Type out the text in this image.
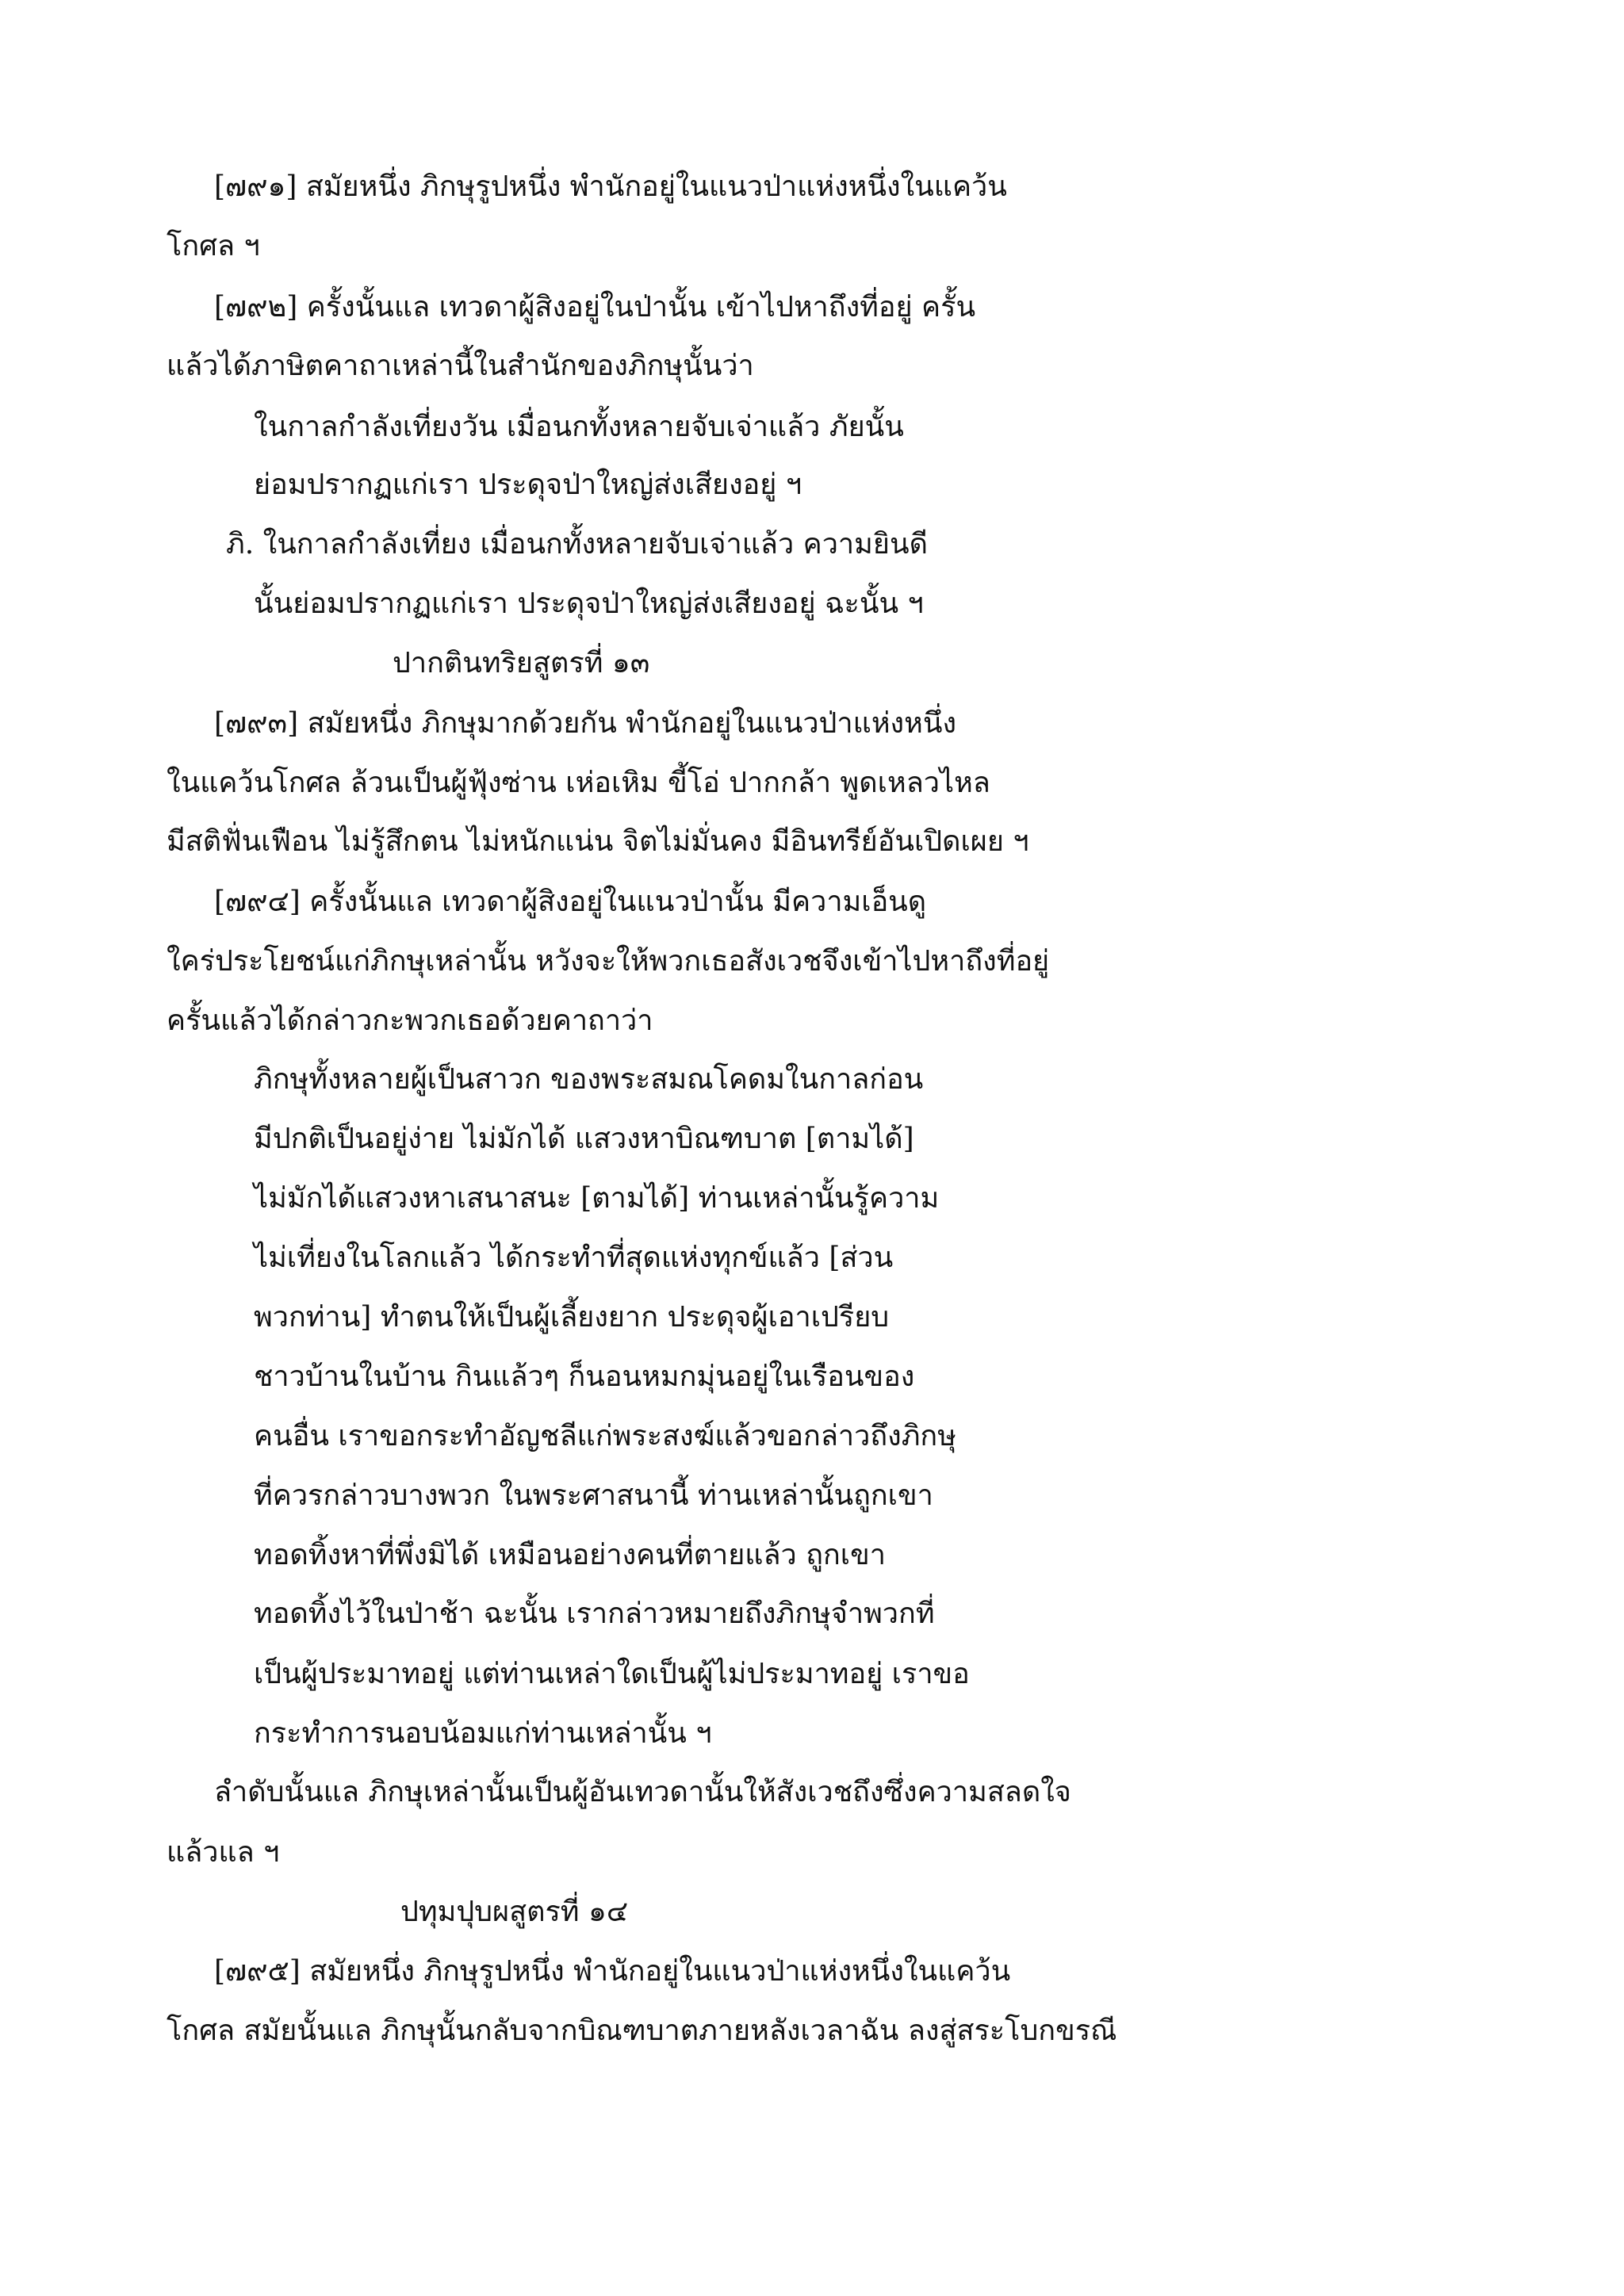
[๗๙๑] สมัยหนึ่ง ภิกษุรูปหนึ่ง พำนักอยู่ในแนวป่าแห่งหนึ่งในแคว้น
โกศล ฯ
[๗๙๒] ครั้งนั้นแล เทวดาผู้สิงอยู่ในป่านั้น เข้าไปหาถึงที่อยู่ ครั้น
แล้วได้ภาษิตคาถาเหล่านี้ในสำนักของภิกษุนั้นว่า
ในกาลกำลังเที่ยงวัน เมื่อนกทั้งหลายจับเจ่าแล้ว ภัยนั้น
ย่อมปรากฏแก่เรา ประดุจป่าใหญ่ส่งเสียงอยู่ ฯ
ภิ. ในกาลกำลังเที่ยง เมื่อนกทั้งหลายจับเจ่าแล้ว ความยินดี
นั้นย่อมปรากฏแก่เรา ประดุจป่าใหญ่ส่งเสียงอยู่ ฉะนั้น ฯ
ปากตินทริยสูตรที่ ๑๓
[๗๙๓] สมัยหนึ่ง ภิกษุมากด้วยกัน พำนักอยู่ในแนวป่าแห่งหนึ่ง
ในแคว้นโกศล ล้วนเป็นผู้ฟุ้งซ่าน เห่อเหิม ขี้โอ่ ปากกล้า พูดเหลวไหล
มีสติฟั่นเฟือน ไม่รู้สึกตน ไม่หนักแน่น จิตไม่มั่นคง มีอินทรีย์อันเปิดเผย ฯ
[๗๙๔] ครั้งนั้นแล เทวดาผู้สิงอยู่ในแนวป่านั้น มีความเอ็นดู
ใคร่ประโยชน์แก่ภิกษุเหล่านั้น หวังจะให้พวกเธอสังเวชจึงเข้าไปหาถึงที่อยู่
ครั้นแล้วได้กล่าวกะพวกเธอด้วยคาถาว่า
ภิกษุทั้งหลายผู้เป็นสาวก ของพระสมณโคดมในกาลก่อน
มีปกติเป็นอยู่ง่าย ไม่มักได้ แสวงหาบิณฑบาต [ตามได้]
ไม่มักได้แสวงหาเสนาสนะ [ตามได้] ท่านเหล่านั้นรู้ความ
ไม่เที่ยงในโลกแล้ว ได้กระทำที่สุดแห่งทุกข์แล้ว [ส่วน
พวกท่าน] ทำตนให้เป็นผู้เลี้ยงยาก ประดุจผู้เอาเปรียบ
ชาวบ้านในบ้าน กินแล้วๆ ก็นอนหมกมุ่นอยู่ในเรือนของ
คนอื่น เราขอกระทำอัญชลีแก่พระสงฆ์แล้วขอกล่าวถึงภิกษุ
ที่ควรกล่าวบางพวก ในพระศาสนานี้ ท่านเหล่านั้นถูกเขา
ทอดทิ้งหาที่พึ่งมิได้ เหมือนอย่างคนที่ตายแล้ว ถูกเขา
ทอดทิ้งไว้ในป่าช้า ฉะนั้น เรากล่าวหมายถึงภิกษุจำพวกที่
เป็นผู้ประมาทอยู่ แต่ท่านเหล่าใดเป็นผู้ไม่ประมาทอยู่ เราขอ
กระทำการนอบน้อมแก่ท่านเหล่านั้น ฯ
ลำดับนั้นแล ภิกษุเหล่านั้นเป็นผู้อันเทวดานั้นให้สังเวชถึงซึ่งความสลดใจ
แล้วแล ฯ
ปทุมปุบผสูตรที่ ๑๔
[๗๙๕] สมัยหนึ่ง ภิกษุรูปหนึ่ง พำนักอยู่ในแนวป่าแห่งหนึ่งในแคว้น
โกศล สมัยนั้นแล ภิกษุนั้นกลับจากบิณฑบาตภายหลังเวลาฉัน ลงสู่สระโบกขรณี
